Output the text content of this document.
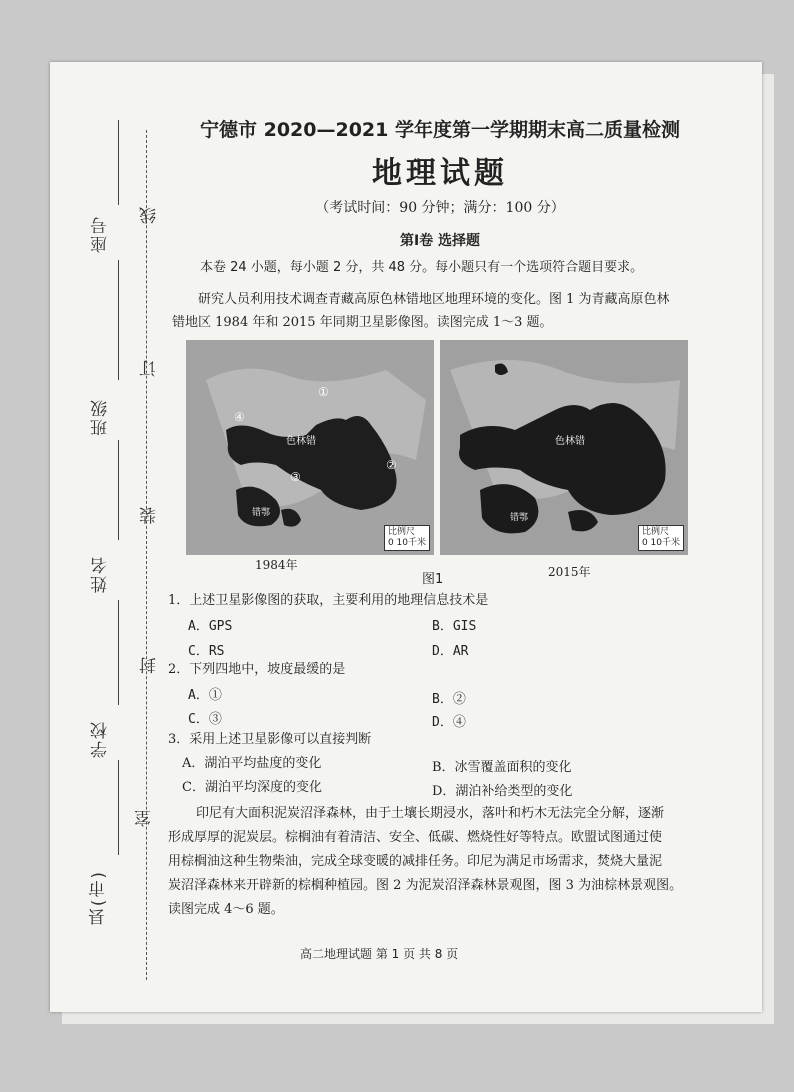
座号
班级
姓名
学校
县(市)
室
线
订
装
封
宁德市 2020—2021 学年度第一学期期末高二质量检测
地理试题
（考试时间：90 分钟；满分：100 分）
第Ⅰ卷 选择题
本卷 24 小题，每小题 2 分，共 48 分。每小题只有一个选项符合题目要求。
研究人员利用技术调查青藏高原色林错地区地理环境的变化。图 1 为青藏高原色林
错地区 1984 年和 2015 年同期卫星影像图。读图完成 1～3 题。
色林错
错鄂
①
②
③
④
比例尺
0 10千米
色林错
错鄂
比例尺
0 10千米
1984年	2015年
图1
1．上述卫星影像图的获取，主要利用的地理信息技术是
A．GPS	B．GIS
C．RS	D．AR
2．下列四地中，坡度最缓的是
A．①	B．②
C．③	D．④
3．采用上述卫星影像可以直接判断
A．湖泊平均盐度的变化	B．冰雪覆盖面积的变化
C．湖泊平均深度的变化	D．湖泊补给类型的变化
印尼有大面积泥炭沼泽森林，由于土壤长期浸水，落叶和朽木无法完全分解，逐渐
形成厚厚的泥炭层。棕榈油有着清洁、安全、低碳、燃烧性好等特点。欧盟试图通过使
用棕榈油这种生物柴油，完成全球变暖的减排任务。印尼为满足市场需求，焚烧大量泥
炭沼泽森林来开辟新的棕榈种植园。图 2 为泥炭沼泽森林景观图，图 3 为油棕林景观图。
读图完成 4～6 题。
高二地理试题 第 1 页 共 8 页
